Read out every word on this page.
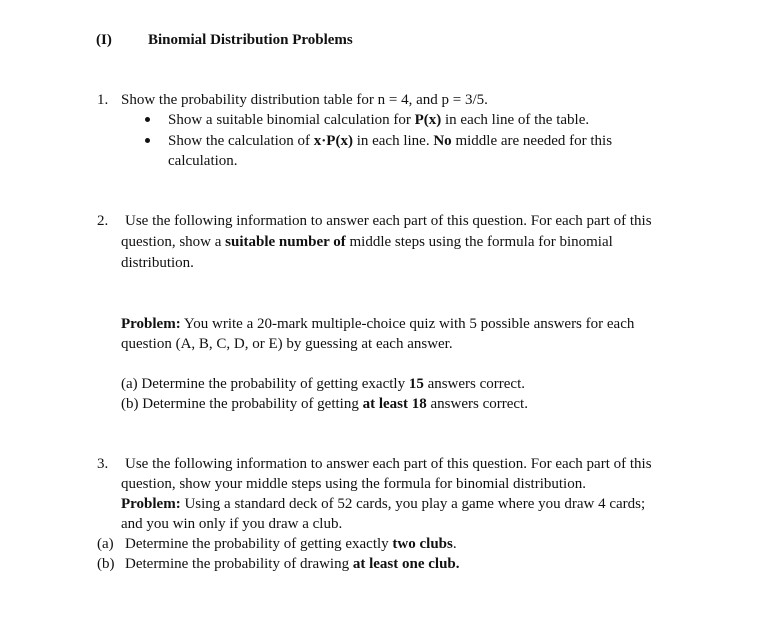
(I) Binomial Distribution Problems
1. Show the probability distribution table for n = 4, and p = 3/5.
Show a suitable binomial calculation for P(x) in each line of the table.
Show the calculation of x·P(x) in each line. No middle are needed for this
calculation.
2. Use the following information to answer each part of this question. For each part of this
question, show a suitable number of middle steps using the formula for binomial
distribution.
Problem: You write a 20-mark multiple-choice quiz with 5 possible answers for each
question (A, B, C, D, or E) by guessing at each answer.
(a) Determine the probability of getting exactly 15 answers correct.
(b) Determine the probability of getting at least 18 answers correct.
3. Use the following information to answer each part of this question. For each part of this
question, show your middle steps using the formula for binomial distribution.
Problem: Using a standard deck of 52 cards, you play a game where you draw 4 cards;
and you win only if you draw a club.
(a) Determine the probability of getting exactly two clubs.
(b) Determine the probability of drawing at least one club.
